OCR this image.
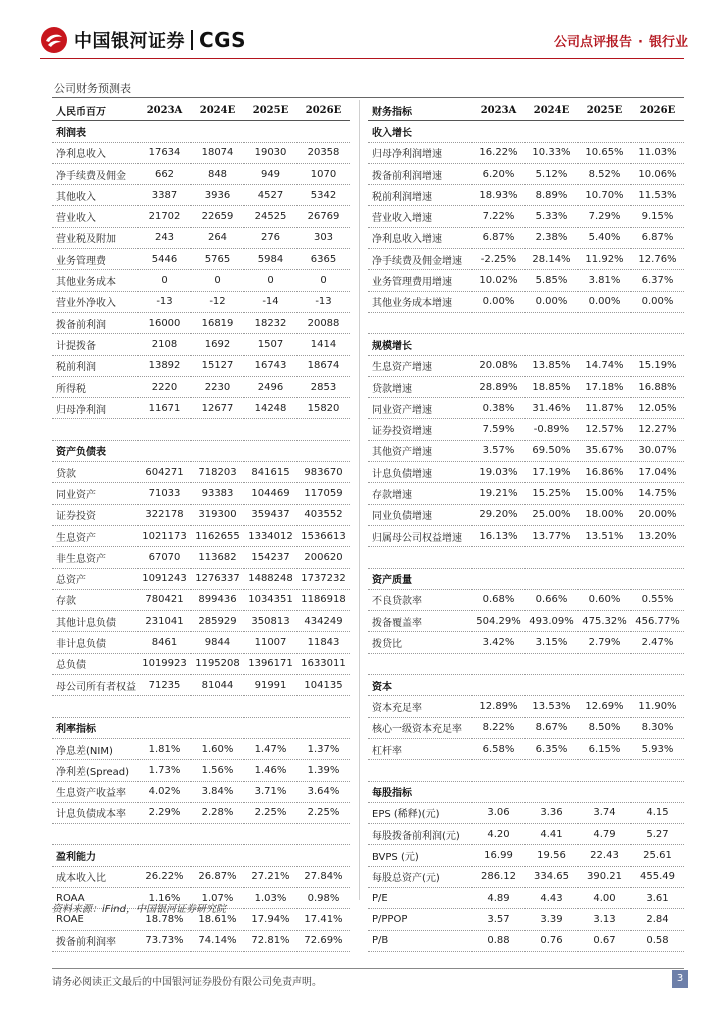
中国银河证券 CGS	公司点评报告 · 银行业
公司财务预测表
人民币百万	2023A	2024E	2025E	2026E
利润表				
净利息收入	17634	18074	19030	20358
净手续费及佣金	662	848	949	1070
其他收入	3387	3936	4527	5342
营业收入	21702	22659	24525	26769
营业税及附加	243	264	276	303
业务管理费	5446	5765	5984	6365
其他业务成本	0	0	0	0
营业外净收入	-13	-12	-14	-13
拨备前利润	16000	16819	18232	20088
计提拨备	2108	1692	1507	1414
税前利润	13892	15127	16743	18674
所得税	2220	2230	2496	2853
归母净利润	11671	12677	14248	15820

资产负债表				
贷款	604271	718203	841615	983670
同业资产	71033	93383	104469	117059
证券投资	322178	319300	359437	403552
生息资产	1021173	1162655	1334012	1536613
非生息资产	67070	113682	154237	200620
总资产	1091243	1276337	1488248	1737232
存款	780421	899436	1034351	1186918
其他计息负债	231041	285929	350813	434249
非计息负债	8461	9844	11007	11843
总负债	1019923	1195208	1396171	1633011
母公司所有者权益	71235	81044	91991	104135

利率指标				
净息差(NIM)	1.81%	1.60%	1.47%	1.37%
净利差(Spread)	1.73%	1.56%	1.46%	1.39%
生息资产收益率	4.02%	3.84%	3.71%	3.64%
计息负债成本率	2.29%	2.28%	2.25%	2.25%

盈利能力				
成本收入比	26.22%	26.87%	27.21%	27.84%
ROAA	1.16%	1.07%	1.03%	0.98%
ROAE	18.78%	18.61%	17.94%	17.41%
拨备前利润率	73.73%	74.14%	72.81%	72.69%
财务指标	2023A	2024E	2025E	2026E
收入增长				
归母净利润增速	16.22%	10.33%	10.65%	11.03%
拨备前利润增速	6.20%	5.12%	8.52%	10.06%
税前利润增速	18.93%	8.89%	10.70%	11.53%
营业收入增速	7.22%	5.33%	7.29%	9.15%
净利息收入增速	6.87%	2.38%	5.40%	6.87%
净手续费及佣金增速	-2.25%	28.14%	11.92%	12.76%
业务管理费用增速	10.02%	5.85%	3.81%	6.37%
其他业务成本增速	0.00%	0.00%	0.00%	0.00%

规模增长				
生息资产增速	20.08%	13.85%	14.74%	15.19%
贷款增速	28.89%	18.85%	17.18%	16.88%
同业资产增速	0.38%	31.46%	11.87%	12.05%
证券投资增速	7.59%	-0.89%	12.57%	12.27%
其他资产增速	3.57%	69.50%	35.67%	30.07%
计息负债增速	19.03%	17.19%	16.86%	17.04%
存款增速	19.21%	15.25%	15.00%	14.75%
同业负债增速	29.20%	25.00%	18.00%	20.00%
归属母公司权益增速	16.13%	13.77%	13.51%	13.20%

资产质量				
不良贷款率	0.68%	0.66%	0.60%	0.55%
拨备覆盖率	504.29%	493.09%	475.32%	456.77%
拨贷比	3.42%	3.15%	2.79%	2.47%

资本				
资本充足率	12.89%	13.53%	12.69%	11.90%
核心一级资本充足率	8.22%	8.67%	8.50%	8.30%
杠杆率	6.58%	6.35%	6.15%	5.93%

每股指标				
EPS (稀释)(元)	3.06	3.36	3.74	4.15
每股拨备前利润(元)	4.20	4.41	4.79	5.27
BVPS (元)	16.99	19.56	22.43	25.61
每股总资产(元)	286.12	334.65	390.21	455.49
P/E	4.89	4.43	4.00	3.61
P/PPOP	3.57	3.39	3.13	2.84
P/B	0.88	0.76	0.67	0.58
资料来源：iFind，中国银河证券研究院
请务必阅读正文最后的中国银河证券股份有限公司免责声明。	3
